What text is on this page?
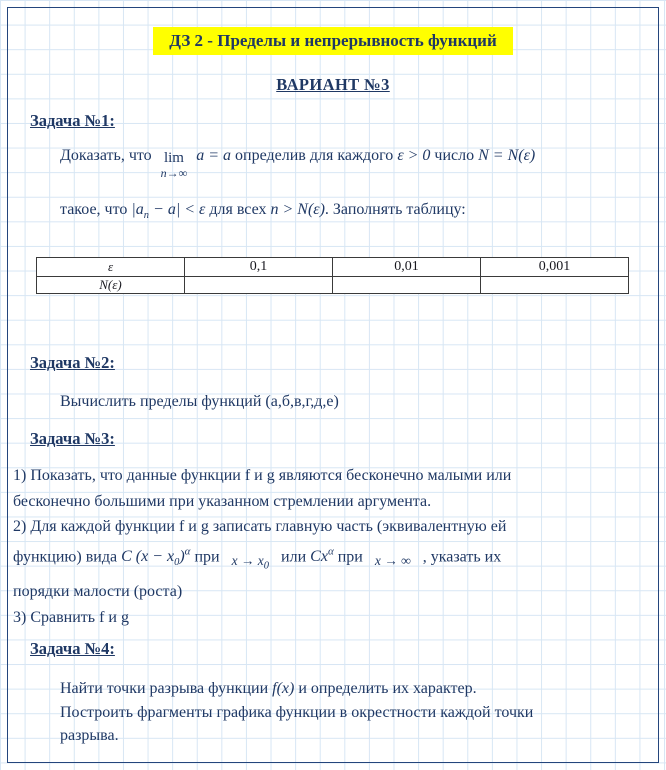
ДЗ 2 - Пределы и непрерывность функций
ВАРИАНТ №3
Задача №1:
Доказать, что lim
n→∞
a = a определив для каждого ε > 0 число N = N(ε)
такое, что $|a_n - a| < \varepsilon$ для всех n > N(ε). Заполнять таблицу:
ε	0,1	0,01	0,001
N(ε)			
Задача №2:
Вычислить пределы функций (а,б,в,г,д,е)
Задача №3:
1) Показать, что данные функции f и g являются бесконечно малыми или
бесконечно большими при указанном стремлении аргумента.
2) Для каждой функции f и g записать главную часть (эквивалентную ей
функцию) вида C $(x - x_0)^\alpha$ при $_{x \to x_0}$ или $Cx^\alpha$ при $_{x \to \infty}$ , указать их
порядки малости (роста)
3) Сравнить f и g
Задача №4:
Найти точки разрыва функции f(x) и определить их характер.
Построить фрагменты графика функции в окрестности каждой точки
разрыва.
